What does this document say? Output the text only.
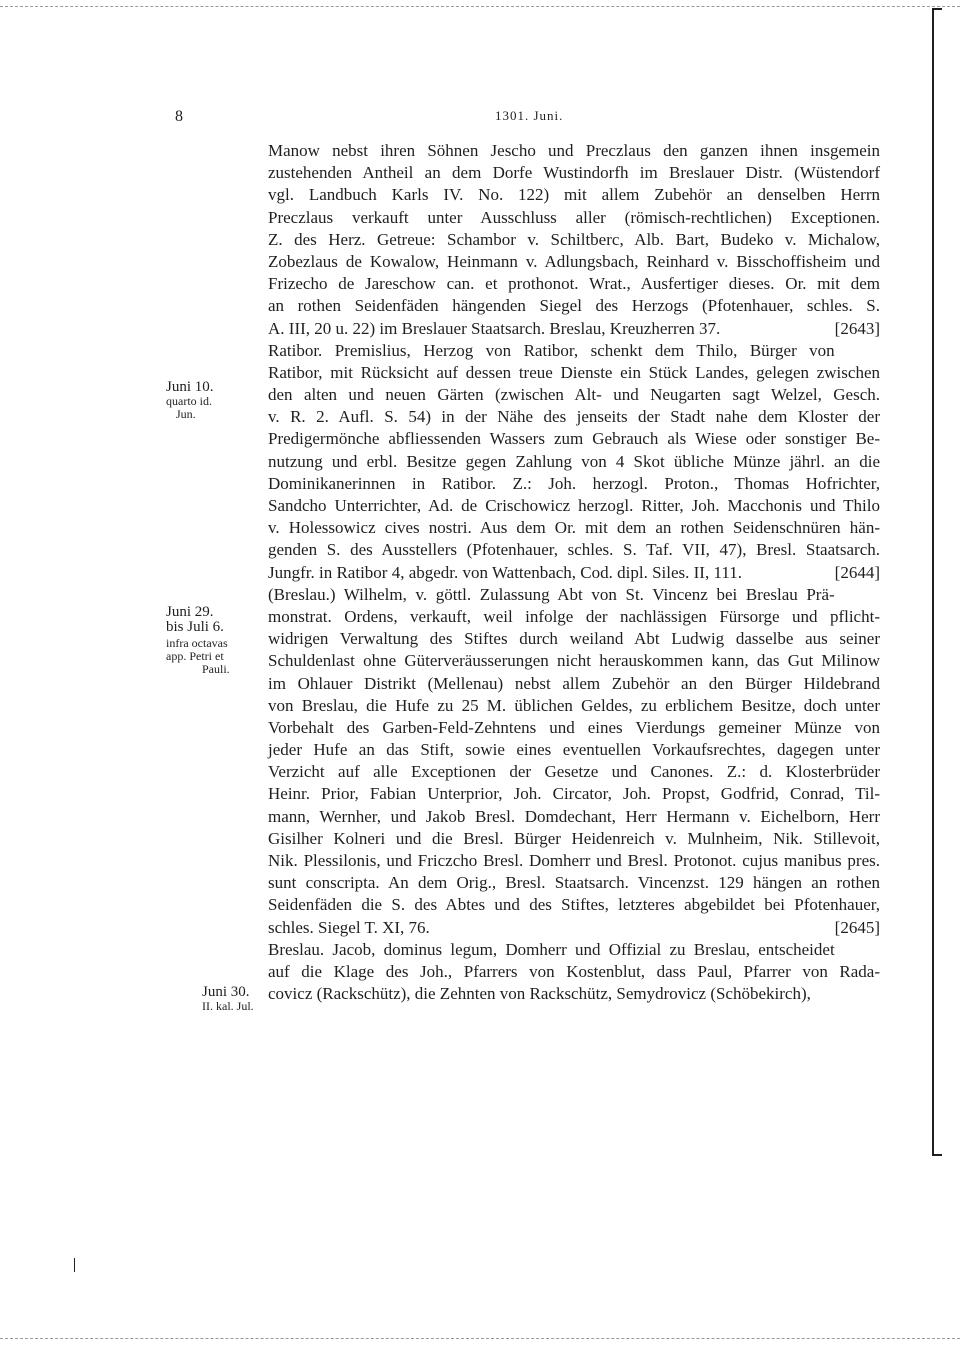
8	1301. Juni.
Juni 10.
quarto id.
Jun.
Juni 29.
bis Juli 6.
infra octavas
app. Petri et
Pauli.
Juni 30.
II. kal. Jul.
Manow nebst ihren Söhnen Jescho und Preczlaus den ganzen ihnen insgemein
zustehenden Antheil an dem Dorfe Wustindorfh im Breslauer Distr. (Wüstendorf
vgl. Landbuch Karls IV. No. 122) mit allem Zubehör an denselben Herrn
Preczlaus verkauft unter Ausschluss aller (römisch-rechtlichen) Exceptionen.
Z. des Herz. Getreue: Schambor v. Schiltberc, Alb. Bart, Budeko v. Michalow,
Zobezlaus de Kowalow, Heinmann v. Adlungsbach, Reinhard v. Bisschoffisheim und
Frizecho de Jareschow can. et prothonot. Wrat., Ausfertiger dieses. Or. mit dem
an rothen Seidenfäden hängenden Siegel des Herzogs (Pfotenhauer, schles. S.
A. III, 20 u. 22) im Breslauer Staatsarch. Breslau, Kreuzherren 37.	[2643]
Ratibor. Premislius, Herzog von Ratibor, schenkt dem Thilo, Bürger von
Ratibor, mit Rücksicht auf dessen treue Dienste ein Stück Landes, gelegen zwischen
den alten und neuen Gärten (zwischen Alt- und Neugarten sagt Welzel, Gesch.
v. R. 2. Aufl. S. 54) in der Nähe des jenseits der Stadt nahe dem Kloster der
Predigermönche abfliessenden Wassers zum Gebrauch als Wiese oder sonstiger Be-
nutzung und erbl. Besitze gegen Zahlung von 4 Skot übliche Münze jährl. an die
Dominikanerinnen in Ratibor. Z.: Joh. herzogl. Proton., Thomas Hofrichter,
Sandcho Unterrichter, Ad. de Crischowicz herzogl. Ritter, Joh. Macchonis und Thilo
v. Holessowicz cives nostri. Aus dem Or. mit dem an rothen Seidenschnüren hän-
genden S. des Ausstellers (Pfotenhauer, schles. S. Taf. VII, 47), Bresl. Staatsarch.
Jungfr. in Ratibor 4, abgedr. von Wattenbach, Cod. dipl. Siles. II, 111.	[2644]
(Breslau.) Wilhelm, v. göttl. Zulassung Abt von St. Vincenz bei Breslau Prä-
monstrat. Ordens, verkauft, weil infolge der nachlässigen Fürsorge und pflicht-
widrigen Verwaltung des Stiftes durch weiland Abt Ludwig dasselbe aus seiner
Schuldenlast ohne Güterveräusserungen nicht herauskommen kann, das Gut Milinow
im Ohlauer Distrikt (Mellenau) nebst allem Zubehör an den Bürger Hildebrand
von Breslau, die Hufe zu 25 M. üblichen Geldes, zu erblichem Besitze, doch unter
Vorbehalt des Garben-Feld-Zehntens und eines Vierdungs gemeiner Münze von
jeder Hufe an das Stift, sowie eines eventuellen Vorkaufsrechtes, dagegen unter
Verzicht auf alle Exceptionen der Gesetze und Canones. Z.: d. Klosterbrüder
Heinr. Prior, Fabian Unterprior, Joh. Circator, Joh. Propst, Godfrid, Conrad, Til-
mann, Wernher, und Jakob Bresl. Domdechant, Herr Hermann v. Eichelborn, Herr
Gisilher Kolneri und die Bresl. Bürger Heidenreich v. Mulnheim, Nik. Stillevoit,
Nik. Plessilonis, und Friczcho Bresl. Domherr und Bresl. Protonot. cujus manibus pres.
sunt conscripta. An dem Orig., Bresl. Staatsarch. Vincenzst. 129 hängen an rothen
Seidenfäden die S. des Abtes und des Stiftes, letzteres abgebildet bei Pfotenhauer,
schles. Siegel T. XI, 76.	[2645]
Breslau. Jacob, dominus legum, Domherr und Offizial zu Breslau, entscheidet
auf die Klage des Joh., Pfarrers von Kostenblut, dass Paul, Pfarrer von Rada-
covicz (Rackschütz), die Zehnten von Rackschütz, Semydrovicz (Schöbekirch),
